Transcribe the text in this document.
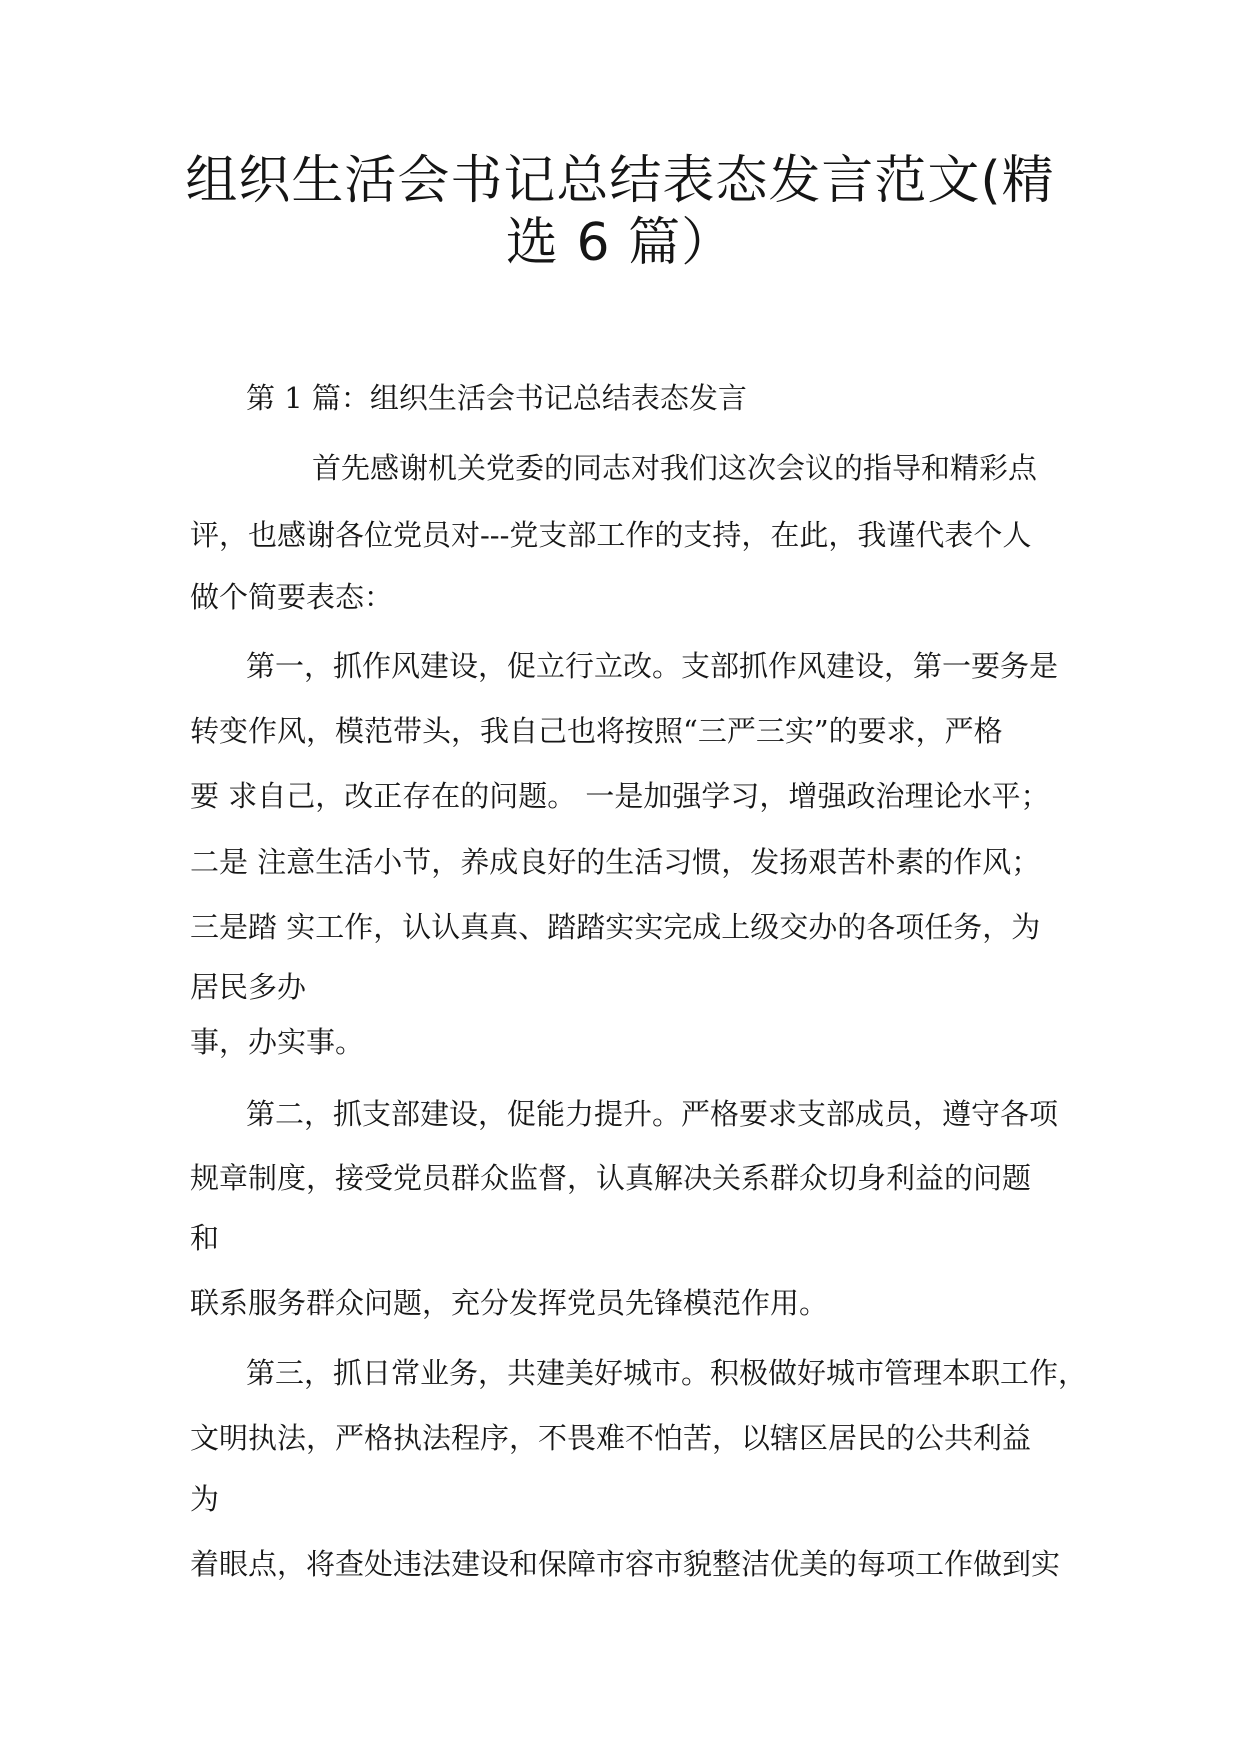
组织生活会书记总结表态发言范文(精
选 6 篇）
第 1 篇：组织生活会书记总结表态发言
首先感谢机关党委的同志对我们这次会议的指导和精彩点
评，也感谢各位党员对---党支部工作的支持，在此，我谨代表个人
做个简要表态：
第一，抓作风建设，促立行立改。支部抓作风建设，第一要务是
转变作风，模范带头，我自己也将按照“三严三实”的要求，严格
要 求自己，改正存在的问题。 一是加强学习，增强政治理论水平；
二是 注意生活小节，养成良好的生活习惯，发扬艰苦朴素的作风；
三是踏 实工作，认认真真、踏踏实实完成上级交办的各项任务，为
居民多办
事，办实事。
第二，抓支部建设，促能力提升。严格要求支部成员，遵守各项
规章制度，接受党员群众监督，认真解决关系群众切身利益的问题
和
联系服务群众问题，充分发挥党员先锋模范作用。
第三，抓日常业务，共建美好城市。积极做好城市管理本职工作，
文明执法，严格执法程序，不畏难不怕苦，以辖区居民的公共利益
为
着眼点，将查处违法建设和保障市容市貌整洁优美的每项工作做到实
